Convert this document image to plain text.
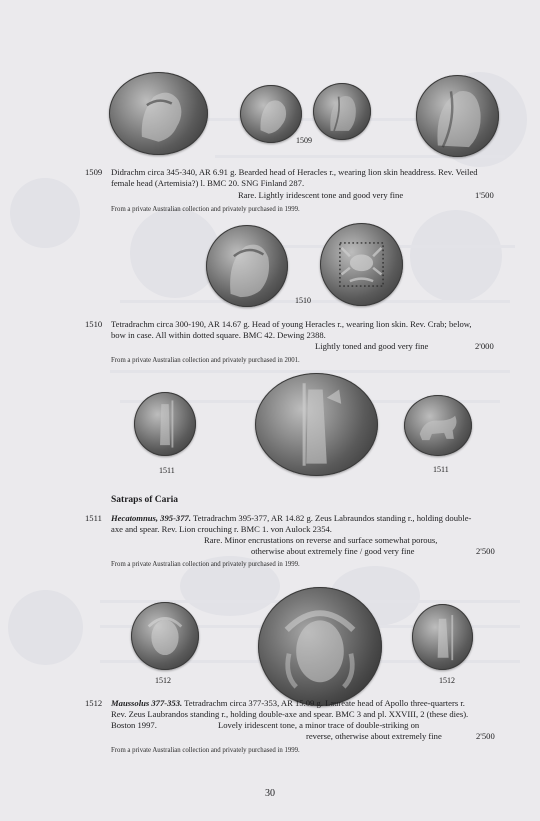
1509
1509 Didrachm circa 345-340, AR 6.91 g. Bearded head of Heracles r., wearing lion skin headdress. Rev. Veiled
female head (Artemisia?) l. BMC 20. SNG Finland 287.
Rare. Lightly iridescent tone and good very fine	1'500
From a private Australian collection and privately purchased in 1999.
1510
1510 Tetradrachm circa 300-190, AR 14.67 g. Head of young Heracles r., wearing lion skin. Rev. Crab; below,
bow in case. All within dotted square. BMC 42. Dewing 2388.
Lightly toned and good very fine	2'000
From a private Australian collection and privately purchased in 2001.
1511	1511
Satraps of Caria
1511 Hecatomnus, 395-377. Tetradrachm 395-377, AR 14.82 g. Zeus Labraundos standing r., holding double-
axe and spear. Rev. Lion crouching r. BMC 1. von Aulock 2354.
Rare. Minor encrustations on reverse and surface somewhat porous,
otherwise about extremely fine / good very fine	2'500
From a private Australian collection and privately purchased in 1999.
1512	1512
1512 Maussolus 377-353. Tetradrachm circa 377-353, AR 15.09 g. Laureate head of Apollo three-quarters r.
Rev. Zeus Laubrandos standing r., holding double-axe and spear. BMC 3 and pl. XXVIII, 2 (these dies).
Boston 1997.	Lovely iridescent tone, a minor trace of double-striking on
reverse, otherwise about extremely fine	2'500
From a private Australian collection and privately purchased in 1999.
30
